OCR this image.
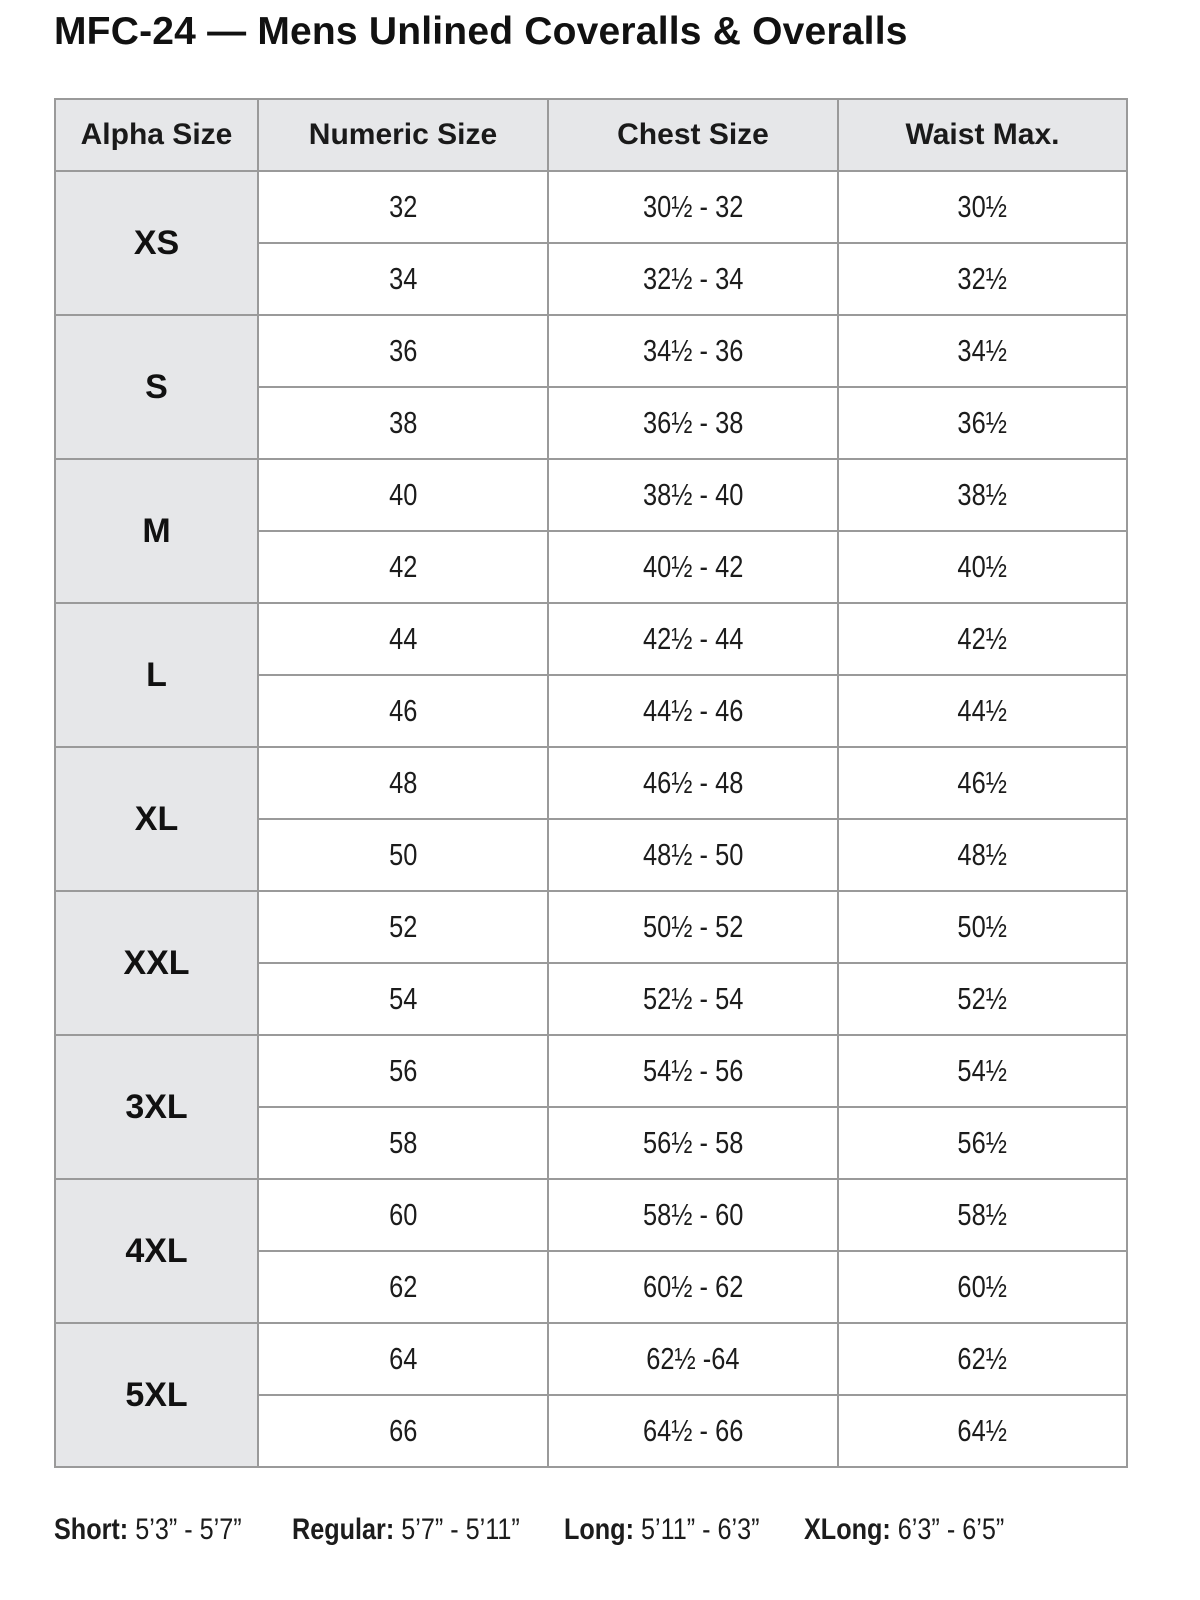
MFC-24 — Mens Unlined Coveralls & Overalls
Alpha Size	Numeric Size	Chest Size	Waist Max.
XS	32	30½ - 32	30½
	34	32½ - 34	32½
S	36	34½ - 36	34½
	38	36½ - 38	36½
M	40	38½ - 40	38½
	42	40½ - 42	40½
L	44	42½ - 44	42½
	46	44½ - 46	44½
XL	48	46½ - 48	46½
	50	48½ - 50	48½
XXL	52	50½ - 52	50½
	54	52½ - 54	52½
3XL	56	54½ - 56	54½
	58	56½ - 58	56½
4XL	60	58½ - 60	58½
	62	60½ - 62	60½
5XL	64	62½ -64	62½
	66	64½ - 66	64½
Short: 5’3” - 5’7” Regular: 5’7” - 5’11” Long: 5’11” - 6’3” XLong: 6’3” - 6’5”
